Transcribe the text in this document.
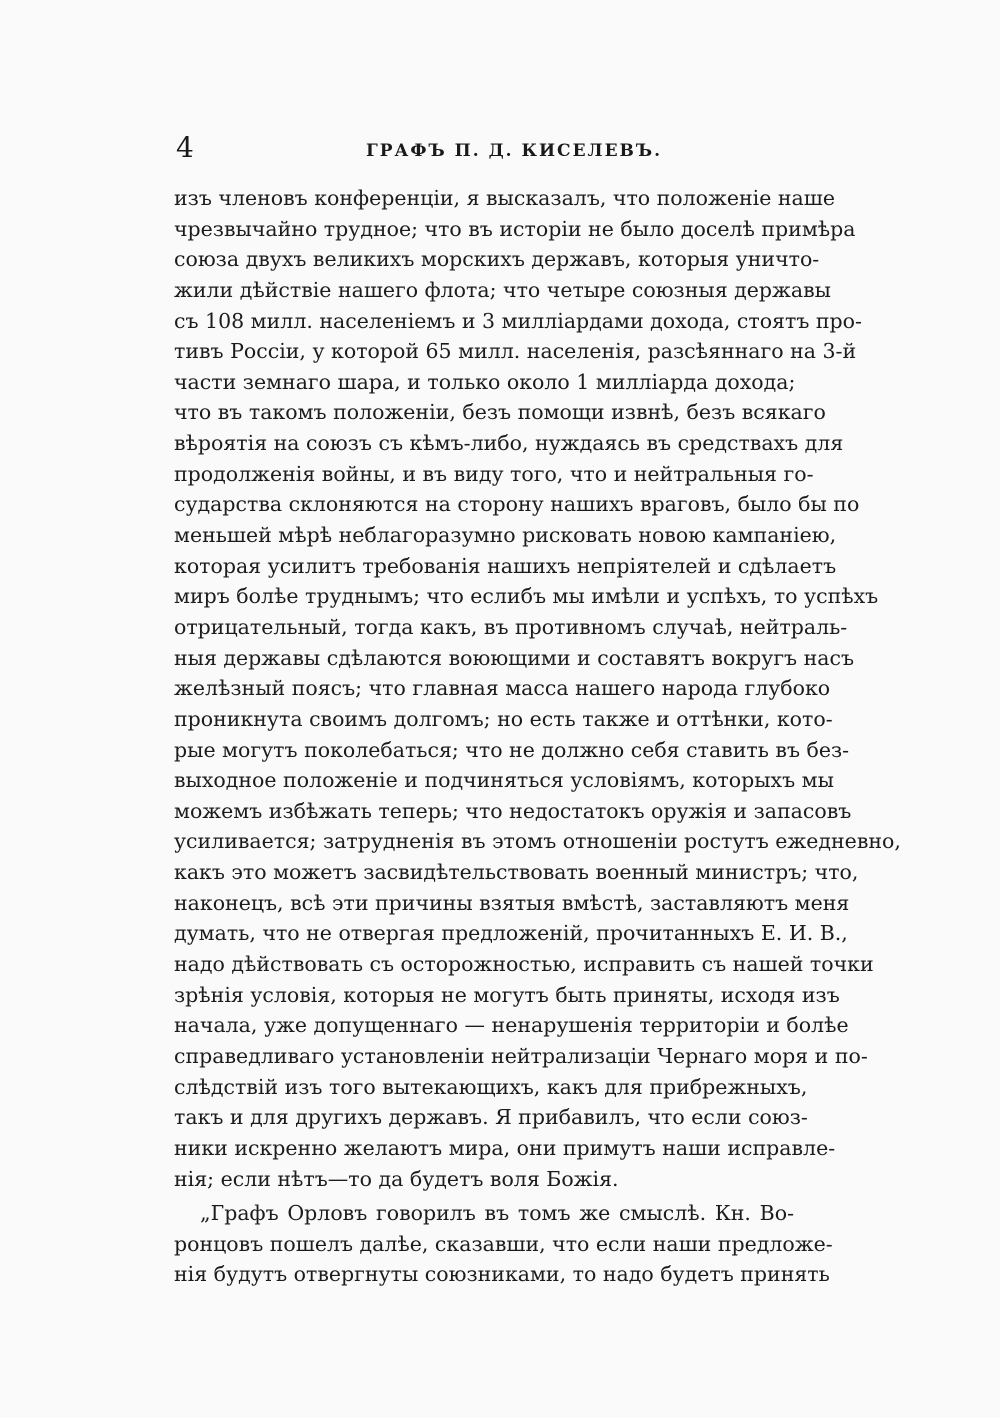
4	ГРАФЪ П. Д. КИСЕЛЕВЪ.
изъ членовъ конференціи, я высказалъ, что положеніе наше
чрезвычайно трудное; что въ исторіи не было доселѣ примѣра
союза двухъ великихъ морскихъ державъ, которыя уничто-
жили дѣйствіе нашего флота; что четыре союзныя державы
съ 108 милл. населеніемъ и 3 миллiардами дохода, стоятъ про-
тивъ Россіи, у которой 65 милл. населенія, разсѣяннаго на 3-й
части земнаго шара, и только около 1 миллiарда дохода;
что въ такомъ положеніи, безъ помощи извнѣ, безъ всякаго
вѣроятія на союзъ съ кѣмъ-либо, нуждаясь въ средствахъ для
продолженія войны, и въ виду того, что и нейтральныя го-
сударства склоняются на сторону нашихъ враговъ, было бы по
меньшей мѣрѣ неблагоразумно рисковать новою кампаніею,
которая усилитъ требованія нашихъ непріятелей и сдѣлаетъ
миръ болѣе труднымъ; что еслибъ мы имѣли и успѣхъ, то успѣхъ
отрицательный, тогда какъ, въ противномъ случаѣ, нейтраль-
ныя державы сдѣлаются воюющими и составятъ вокругъ насъ
желѣзный поясъ; что главная масса нашего народа глубоко
проникнута своимъ долгомъ; но есть также и оттѣнки, кото-
рые могутъ поколебаться; что не должно себя ставить въ без-
выходное положеніе и подчиняться условіямъ, которыхъ мы
можемъ избѣжать теперь; что недостатокъ оружія и запасовъ
усиливается; затрудненія въ этомъ отношеніи ростутъ ежедневно,
какъ это можетъ засвидѣтельствовать военный министръ; что,
наконецъ, всѣ эти причины взятыя вмѣстѣ, заставляютъ меня
думать, что не отвергая предложеній, прочитанныхъ Е. И. В.,
надо дѣйствовать съ осторожностью, исправить съ нашей точки
зрѣнія условія, которыя не могутъ быть приняты, исходя изъ
начала, уже допущеннаго — ненарушенія территоріи и болѣе
справедливаго установленіи нейтрализаціи Чернаго моря и по-
слѣдствій изъ того вытекающихъ, какъ для прибрежныхъ,
такъ и для другихъ державъ. Я прибавилъ, что если союз-
ники искренно желаютъ мира, они примутъ наши исправле-
нія; если нѣтъ—то да будетъ воля Божія.
„Графъ Орловъ говорилъ въ томъ же смыслѣ. Кн. Во-
ронцовъ пошелъ далѣе, сказавши, что если наши предложе-
нія будутъ отвергнуты союзниками, то надо будетъ принять
